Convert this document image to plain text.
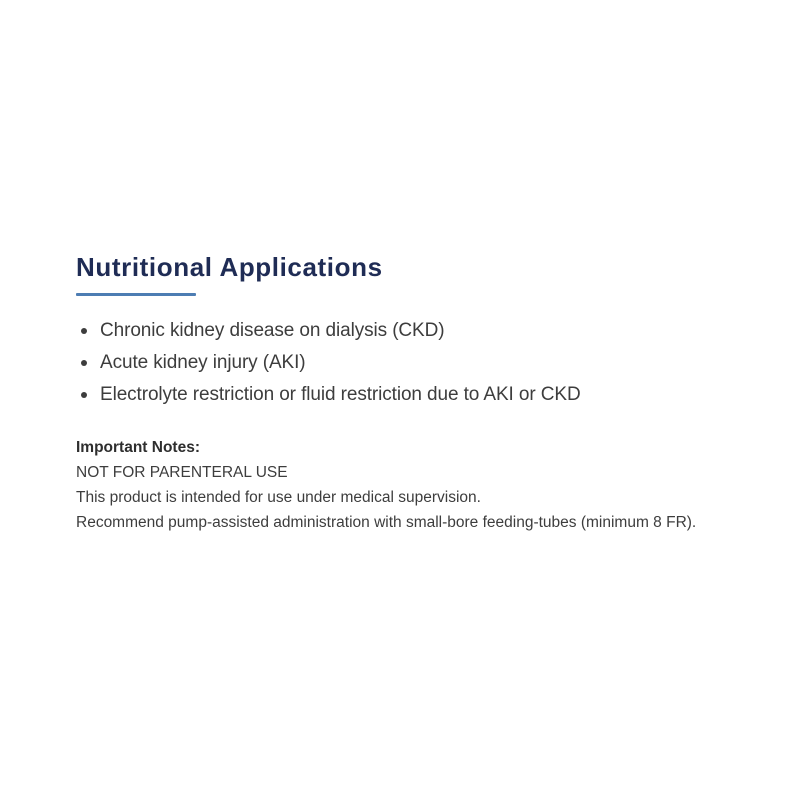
Nutritional Applications
Chronic kidney disease on dialysis (CKD)
Acute kidney injury (AKI)
Electrolyte restriction or fluid restriction due to AKI or CKD
Important Notes:
NOT FOR PARENTERAL USE
This product is intended for use under medical supervision.
Recommend pump-assisted administration with small-bore feeding-tubes (minimum 8 FR).
